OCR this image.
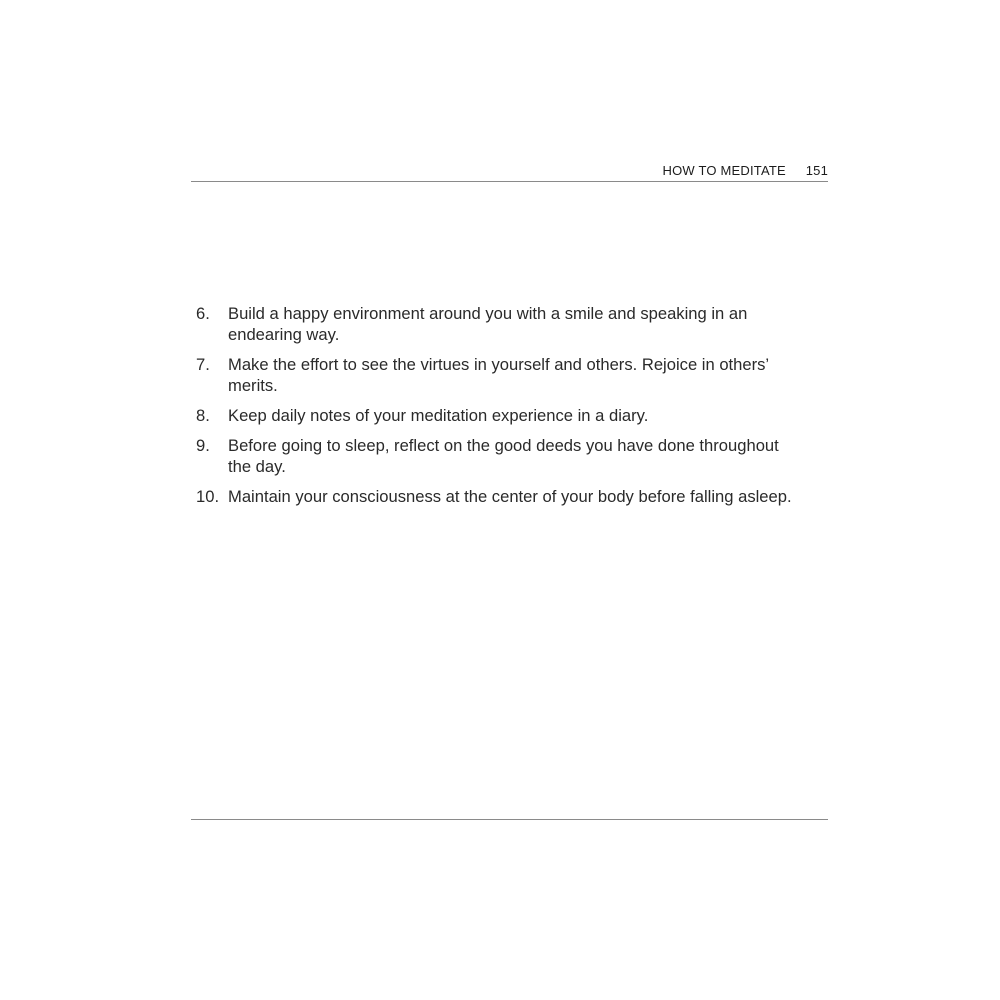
HOW TO MEDITATE 151
6. Build a happy environment around you with a smile and speaking in an endearing way.
7. Make the effort to see the virtues in yourself and others. Rejoice in others’ merits.
8. Keep daily notes of your meditation experience in a diary.
9. Before going to sleep, reflect on the good deeds you have done throughout the day.
10. Maintain your consciousness at the center of your body before falling asleep.
